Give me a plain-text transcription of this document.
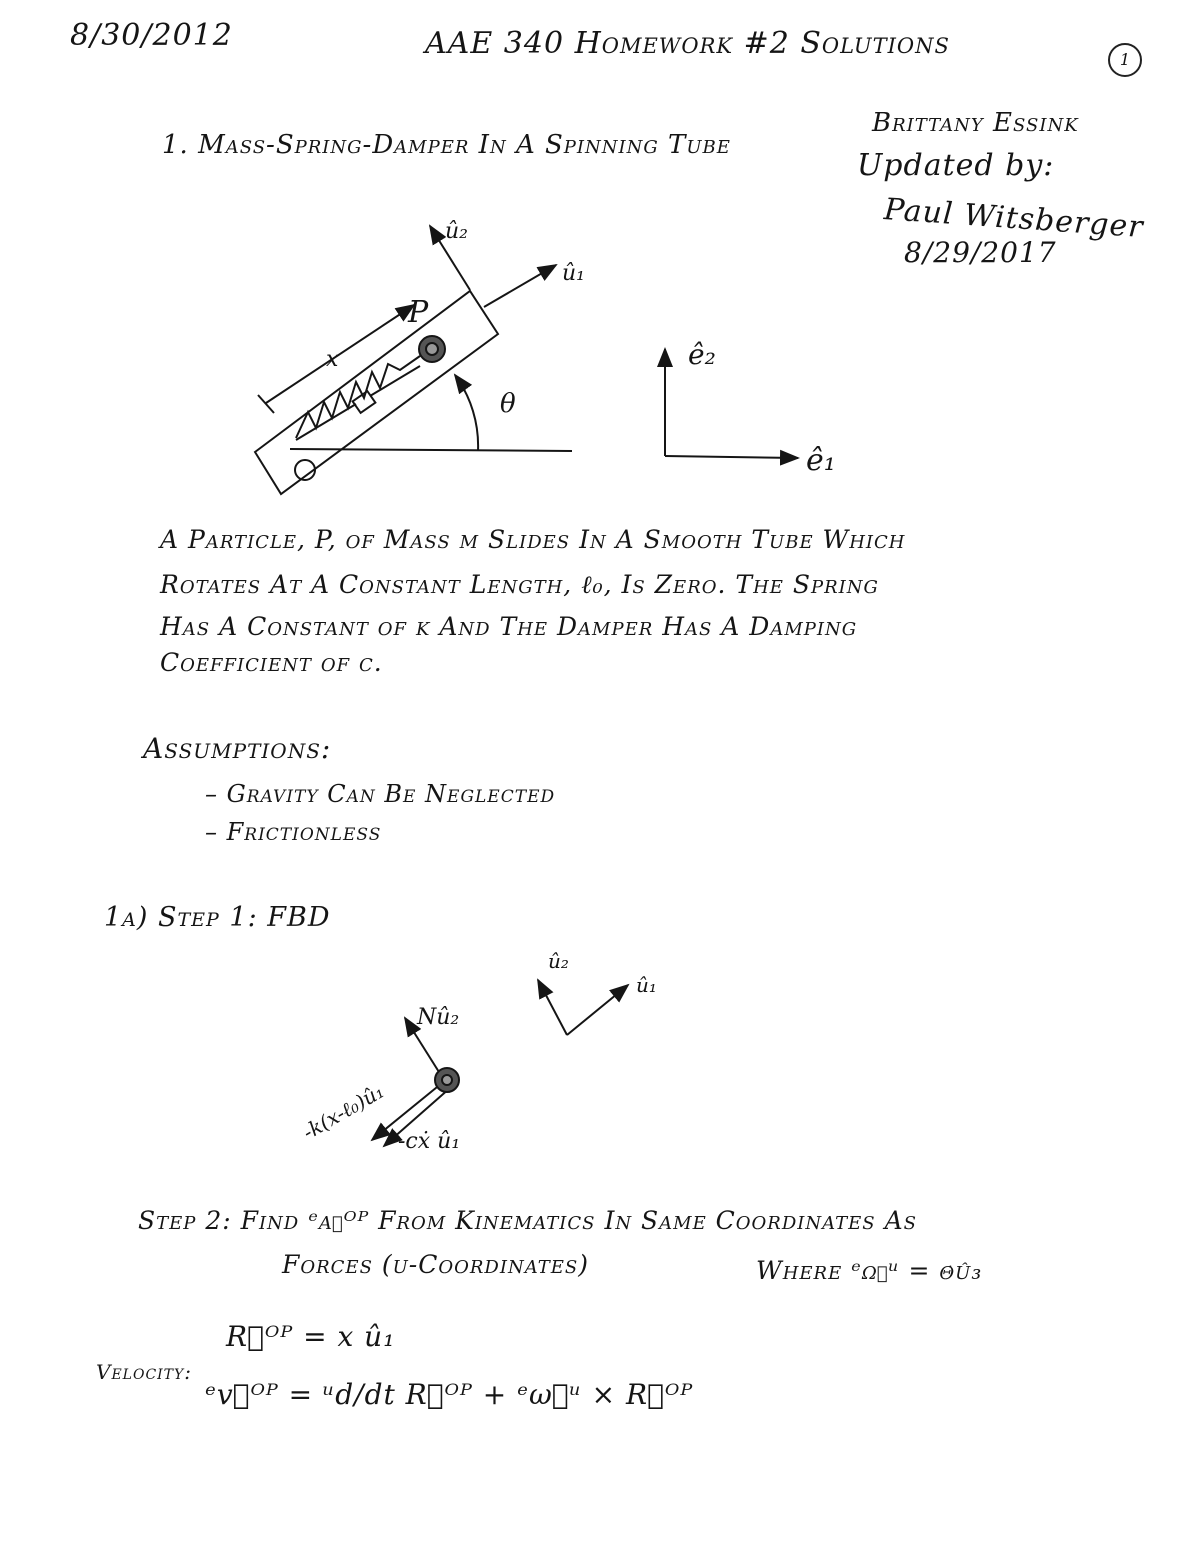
8/30/2012	AAE 340 Homework #2 Solutions	1
Brittany Essink
Updated by:
Paul Witsberger
8/29/2017
1. Mass-Spring-Damper In A Spinning Tube
û₂
û₁
P
x
θ
ê₂
ê₁
A Particle, P, of Mass m Slides In A Smooth Tube Which
Rotates At A Constant Length, ℓ₀, Is Zero. The Spring
Has A Constant of k And The Damper Has A Damping
Coefficient of c.
Assumptions:
– Gravity Can Be Neglected
– Frictionless
1a) Step 1: FBD
Nû₂
-k(x-ℓ₀)û₁ -cẋ û₁
û₂
û₁
Step 2: Find ᵉa⃗ᴼᴾ From Kinematics In Same Coordinates As
Forces (u-Coordinates)	Where ᵉω⃗ᵘ = θ̇û₃
R⃗ᴼᴾ = x û₁
Velocity:
ᵉv⃗ᴼᴾ = ᵘd/dt R⃗ᴼᴾ + ᵉω⃗ᵘ × R⃗ᴼᴾ
